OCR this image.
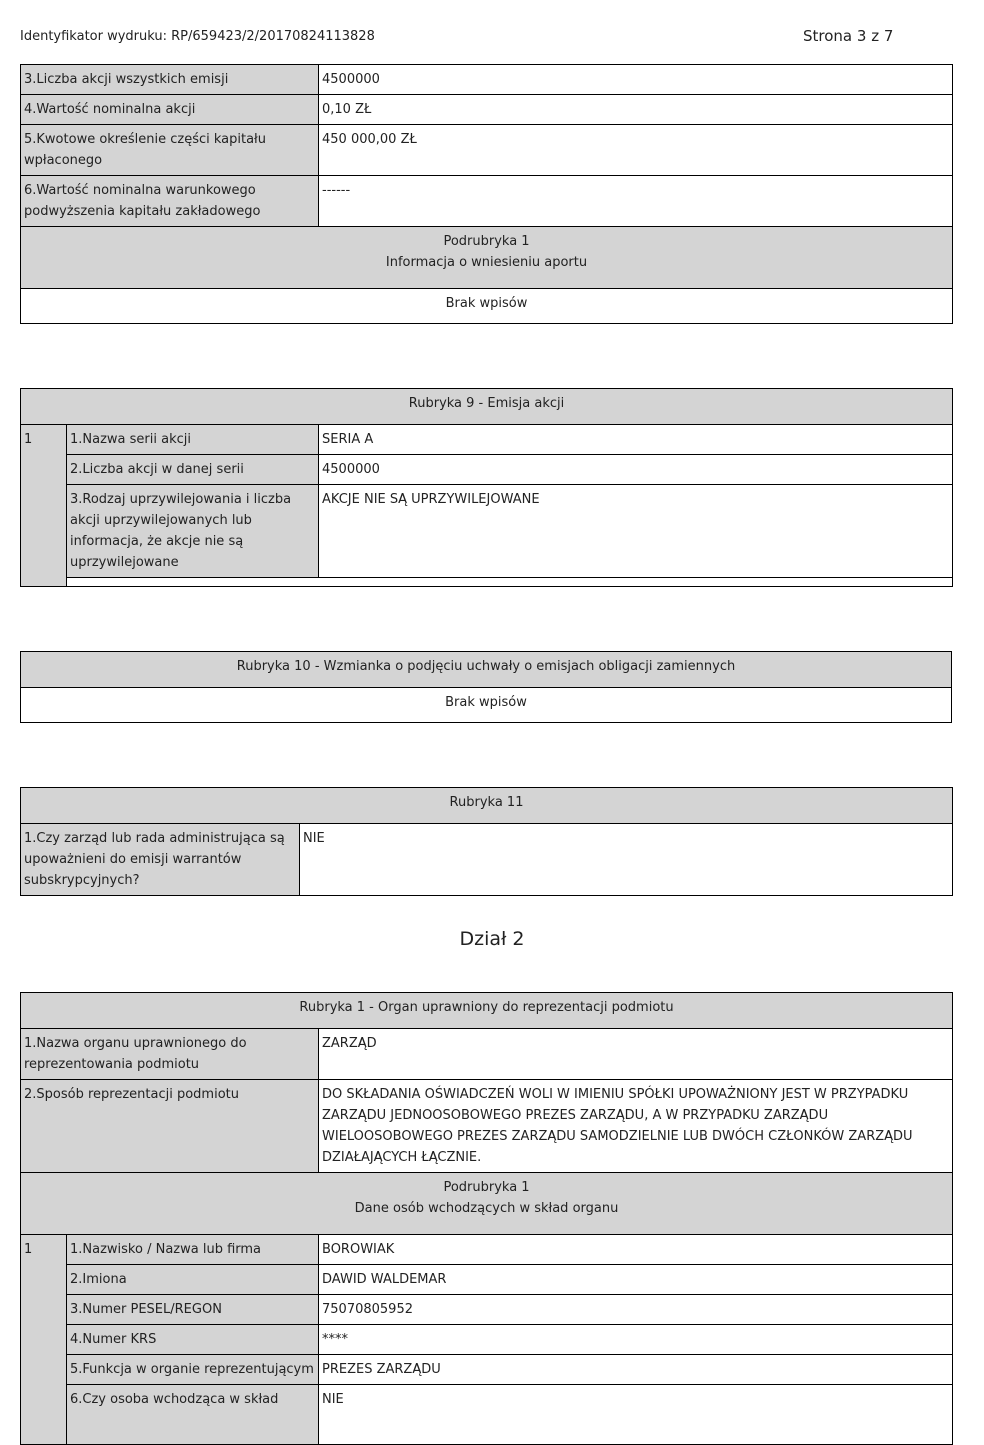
Identyfikator wydruku: RP/659423/2/20170824113828	Strona 3 z 7
3.Liczba akcji wszystkich emisji	4500000
4.Wartość nominalna akcji	0,10 ZŁ
5.Kwotowe określenie części kapitału wpłaconego	450 000,00 ZŁ
6.Wartość nominalna warunkowego podwyższenia kapitału zakładowego	------

Podrubryka 1
Informacja o wniesieniu aportu	

Brak wpisów	
Rubryka 9 - Emisja akcji		
1	1.Nazwa serii akcji	SERIA A
	2.Liczba akcji w danej serii	4500000
	3.Rodzaj uprzywilejowania i liczba akcji uprzywilejowanych lub informacja, że akcje nie są uprzywilejowane	AKCJE NIE SĄ UPRZYWILEJOWANE

Rubryka 10 - Wzmianka o podjęciu uchwały o emisjach obligacji zamiennych
Brak wpisów
Rubryka 11
1.Czy zarząd lub rada administrująca są upoważnieni do emisji warrantów subskrypcyjnych?	NIE
Dział 2
Rubryka 1 - Organ uprawniony do reprezentacji podmiotu		
1.Nazwa organu uprawnionego do reprezentowania podmiotu		ZARZĄD
2.Sposób reprezentacji podmiotu		DO SKŁADANIA OŚWIADCZEŃ WOLI W IMIENIU SPÓŁKI UPOWAŻNIONY JEST W PRZYPADKU ZARZĄDU JEDNOOSOBOWEGO PREZES ZARZĄDU, A W PRZYPADKU ZARZĄDU WIELOOSOBOWEGO PREZES ZARZĄDU SAMODZIELNIE LUB DWÓCH CZŁONKÓW ZARZĄDU DZIAŁAJĄCYCH ŁĄCZNIE.

Podrubryka 1
Dane osób wchodzących w skład organu		

1	1.Nazwisko / Nazwa lub firma	BOROWIAK
	2.Imiona	DAWID WALDEMAR
	3.Numer PESEL/REGON	75070805952
	4.Numer KRS	****
	5.Funkcja w organie reprezentującym	PREZES ZARZĄDU
	6.Czy osoba wchodząca w skład	NIE
